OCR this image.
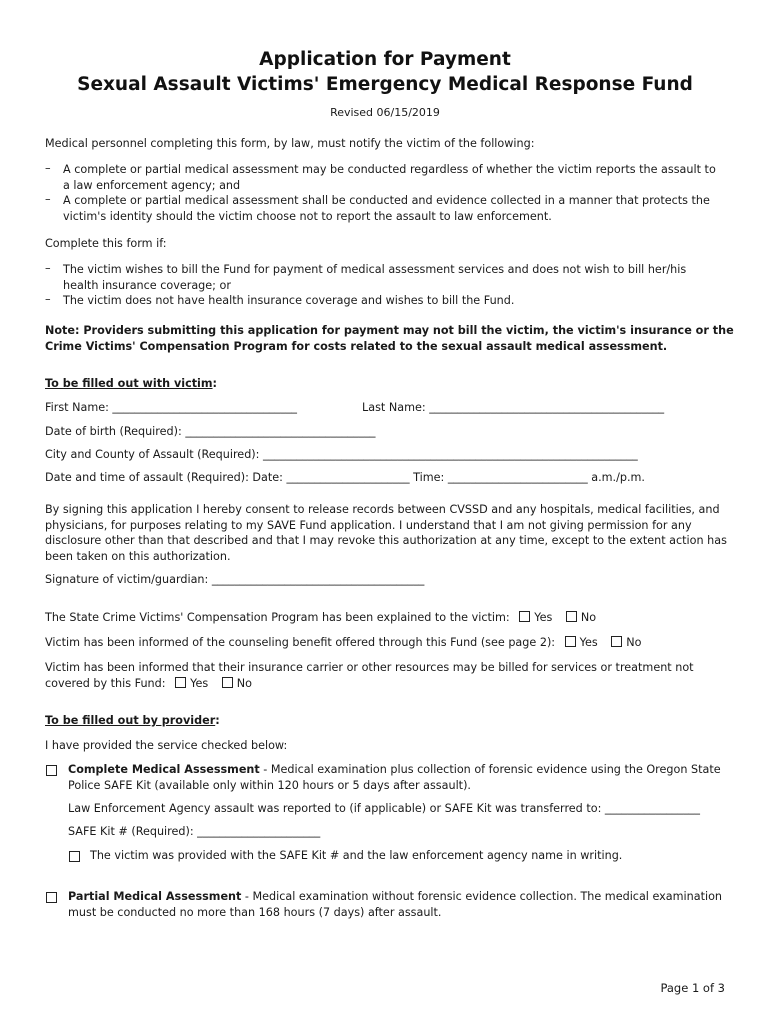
Application for Payment
Sexual Assault Victims' Emergency Medical Response Fund
Revised 06/15/2019
Medical personnel completing this form, by law, must notify the victim of the following:
– A complete or partial medical assessment may be conducted regardless of whether the victim reports the assault to a law enforcement agency; and
– A complete or partial medical assessment shall be conducted and evidence collected in a manner that protects the victim's identity should the victim choose not to report the assault to law enforcement.
Complete this form if:
– The victim wishes to bill the Fund for payment of medical assessment services and does not wish to bill her/his health insurance coverage; or
– The victim does not have health insurance coverage and wishes to bill the Fund.
Note: Providers submitting this application for payment may not bill the victim, the victim's insurance or the Crime Victims' Compensation Program for costs related to the sexual assault medical assessment.
To be filled out with victim:
First Name: _________________________________	Last Name: __________________________________________
Date of birth (Required): __________________________________
City and County of Assault (Required): ___________________________________________________________________
Date and time of assault (Required): Date: ______________________ Time: _________________________ a.m./p.m.
By signing this application I hereby consent to release records between CVSSD and any hospitals, medical facilities, and physicians, for purposes relating to my SAVE Fund application. I understand that I am not giving permission for any disclosure other than that described and that I may revoke this authorization at any time, except to the extent action has been taken on this authorization.
Signature of victim/guardian: ______________________________________
The State Crime Victims' Compensation Program has been explained to the victim: Yes	No
Victim has been informed of the counseling benefit offered through this Fund (see page 2): Yes	No
Victim has been informed that their insurance carrier or other resources may be billed for services or treatment not covered by this Fund: Yes	No
To be filled out by provider:
I have provided the service checked below:
Complete Medical Assessment - Medical examination plus collection of forensic evidence using the Oregon State Police SAFE Kit (available only within 120 hours or 5 days after assault).
Law Enforcement Agency assault was reported to (if applicable) or SAFE Kit was transferred to: _________________
SAFE Kit # (Required): ______________________
The victim was provided with the SAFE Kit # and the law enforcement agency name in writing.
Partial Medical Assessment - Medical examination without forensic evidence collection. The medical examination must be conducted no more than 168 hours (7 days) after assault.
Page 1 of 3
